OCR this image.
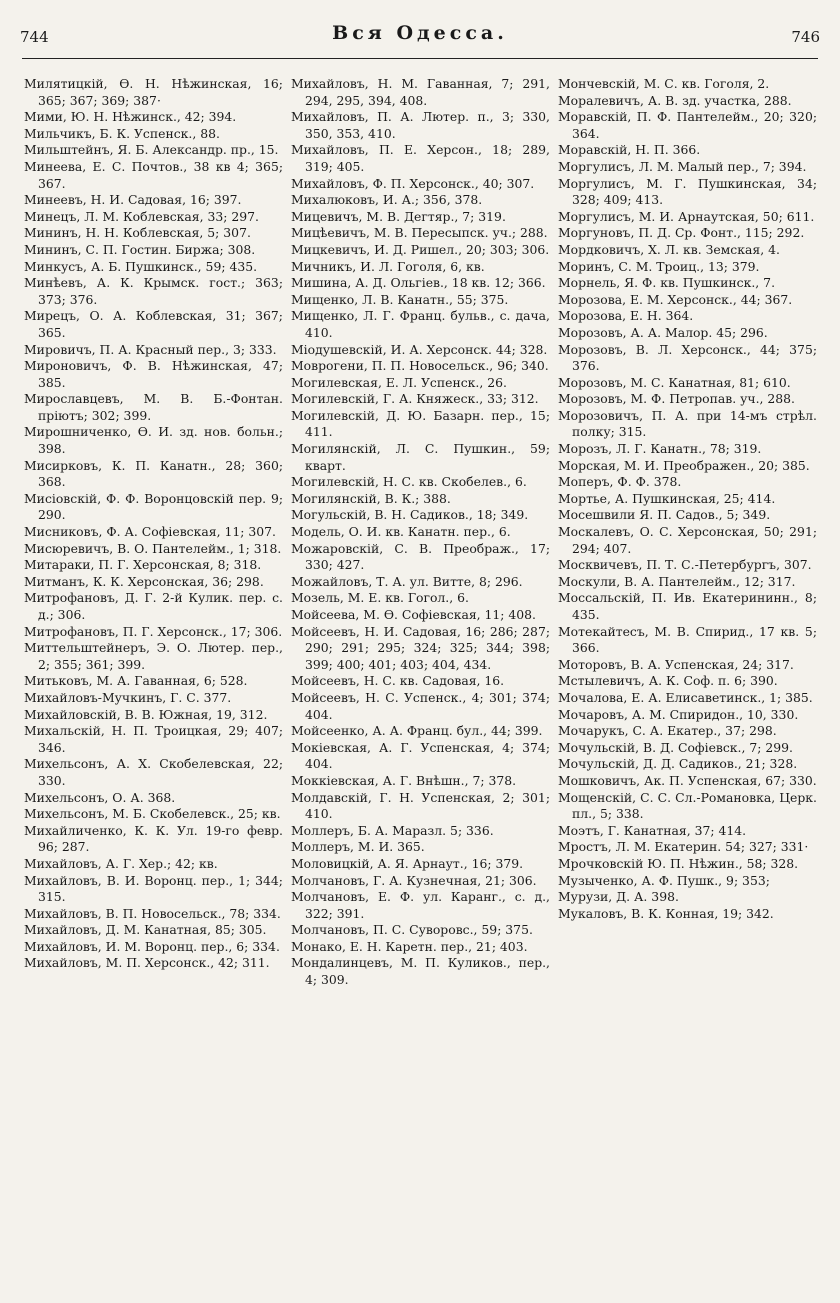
744	Вся Одесса.	746
Милятицкій, Ѳ. Н. Нѣжинская, 16; 365; 367; 369; 387·
Мими, Ю. Н. Нѣжинск., 42; 394.
Мильчикъ, Б. К. Успенск., 88.
Мильштейнъ, Я. Б. Александр. пр., 15.
Минеева, Е. С. Почтов., 38 кв 4; 365; 367.
Минеевъ, Н. И. Садовая, 16; 397.
Минецъ, Л. М. Коблевская, 33; 297.
Мининъ, Н. Н. Коблевская, 5; 307.
Мининъ, С. П. Гостин. Биржа; 308.
Минкусъ, А. Б. Пушкинск., 59; 435.
Минѣевъ, А. К. Крымск. гост.; 363; 373; 376.
Мирецъ, О. А. Коблевская, 31; 367; 365.
Мировичъ, П. А. Красный пер., 3; 333.
Мироновичъ, Ф. В. Нѣжинская, 47; 385.
Мирославцевъ, М. В. Б.-Фонтан. пріютъ; 302; 399.
Мирошниченко, Ѳ. И. зд. нов. больн.; 398.
Мисирковъ, К. П. Канатн., 28; 360; 368.
Мисіовскій, Ф. Ф. Воронцовскій пер. 9; 290.
Мисниковъ, Ф. А. Софіевская, 11; 307.
Мисюревичъ, В. О. Пантелейм., 1; 318.
Митараки, П. Г. Херсонская, 8; 318.
Митманъ, К. К. Херсонская, 36; 298.
Митрофановъ, Д. Г. 2-й Кулик. пер. с. д.; 306.
Митрофановъ, П. Г. Херсонск., 17; 306.
Миттельштейнеръ, Э. О. Лютер. пер., 2; 355; 361; 399.
Митьковъ, М. А. Гаванная, 6; 528.
Михайловъ-Мучкинъ, Г. С. 377.
Михайловскій, В. В. Южная, 19, 312.
Михальскій, Н. П. Троицкая, 29; 407; 346.
Михельсонъ, А. Х. Скобелевская, 22; 330.
Михельсонъ, О. А. 368.
Михельсонъ, М. Б. Скобелевск., 25; кв.
Михайличенко, К. К. Ул. 19-го февр. 96; 287.
Михайловъ, А. Г. Хер.; 42; кв.
Михайловъ, В. И. Воронц. пер., 1; 344; 315.
Михайловъ, В. П. Новосельск., 78; 334.
Михайловъ, Д. М. Канатная, 85; 305.
Михайловъ, И. М. Воронц. пер., 6; 334.
Михайловъ, М. П. Херсонск., 42; 311.
Михайловъ, Н. М. Гаванная, 7; 291, 294, 295, 394, 408.
Михайловъ, П. А. Лютер. п., 3; 330, 350, 353, 410.
Михайловъ, П. Е. Херсон., 18; 289, 319; 405.
Михайловъ, Ф. П. Херсонск., 40; 307.
Михалюковъ, И. А.; 356, 378.
Мицевичъ, М. В. Дегтяр., 7; 319.
Мицѣевичъ, М. В. Пересыпск. уч.; 288.
Мицкевичъ, И. Д. Ришел., 20; 303; 306.
Мичникъ, И. Л. Гоголя, 6, кв.
Мишина, А. Д. Ольгіев., 18 кв. 12; 366.
Мищенко, Л. В. Канатн., 55; 375.
Мищенко, Л. Г. Франц. бульв., с. дача, 410.
Міодушевскій, И. А. Херсонск. 44; 328.
Моврогени, П. П. Новосельск., 96; 340.
Могилевская, Е. Л. Успенск., 26.
Могилевскій, Г. А. Княжеск., 33; 312.
Могилевскій, Д. Ю. Базарн. пер., 15; 411.
Могилянскій, Л. С. Пушкин., 59; кварт.
Могилевскій, Н. С. кв. Скобелев., 6.
Могилянскій, В. К.; 388.
Могульскій, В. Н. Садиков., 18; 349.
Модель, О. И. кв. Канатн. пер., 6.
Можаровскій, С. В. Преображ., 17; 330; 427.
Можайловъ, Т. А. ул. Витте, 8; 296.
Мозель, М. Е. кв. Гогол., 6.
Мойсеева, М. Ѳ. Софіевская, 11; 408.
Мойсеевъ, Н. И. Садовая, 16; 286; 287; 290; 291; 295; 324; 325; 344; 398; 399; 400; 401; 403; 404, 434.
Мойсеевъ, Н. С. кв. Садовая, 16.
Мойсеевъ, Н. С. Успенск., 4; 301; 374; 404.
Мойсеенко, А. А. Франц. бул., 44; 399.
Мокіевская, А. Г. Успенская, 4; 374; 404.
Моккіевская, А. Г. Внѣшн., 7; 378.
Молдавскій, Г. Н. Успенская, 2; 301; 410.
Моллеръ, Б. А. Маразл. 5; 336.
Моллеръ, М. И. 365.
Моловицкій, А. Я. Арнаут., 16; 379.
Молчановъ, Г. А. Кузнечная, 21; 306.
Молчановъ, Е. Ф. ул. Каранг., с. д., 322; 391.
Молчановъ, П. С. Суворовс., 59; 375.
Монако, Е. Н. Каретн. пер., 21; 403.
Мондалинцевъ, М. П. Куликов., пер., 4; 309.
Мончевскій, М. С. кв. Гоголя, 2.
Моралевичъ, А. В. зд. участка, 288.
Моравскій, П. Ф. Пантелейм., 20; 320; 364.
Моравскій, Н. П. 366.
Моргулисъ, Л. М. Малый пер., 7; 394.
Моргулисъ, М. Г. Пушкинская, 34; 328; 409; 413.
Моргулисъ, М. И. Арнаутская, 50; 611.
Моргуновъ, П. Д. Ср. Фонт., 115; 292.
Мордковичъ, Х. Л. кв. Земская, 4.
Моринъ, С. М. Троиц., 13; 379.
Морнель, Я. Ф. кв. Пушкинск., 7.
Морозова, Е. М. Херсонск., 44; 367.
Морозова, Е. Н. 364.
Морозовъ, А. А. Малор. 45; 296.
Морозовъ, В. Л. Херсонск., 44; 375; 376.
Морозовъ, М. С. Канатная, 81; 610.
Морозовъ, М. Ф. Петропав. уч., 288.
Морозовичъ, П. А. при 14-мъ стрѣл. полку; 315.
Морозъ, Л. Г. Канатн., 78; 319.
Морская, М. И. Преображен., 20; 385.
Моперъ, Ф. Ф. 378.
Мортье, А. Пушкинская, 25; 414.
Мосешвили Я. П. Садов., 5; 349.
Москалевъ, О. С. Херсонская, 50; 291; 294; 407.
Москвичевъ, П. Т. С.-Петербургъ, 307.
Москули, В. А. Пантелейм., 12; 317.
Моссальскій, П. Ив. Екатерининн., 8; 435.
Мотекайтесъ, М. В. Спирид., 17 кв. 5; 366.
Моторовъ, В. А. Успенская, 24; 317.
Мстылевичъ, А. К. Соф. п. 6; 390.
Мочалова, Е. А. Елисаветинск., 1; 385.
Мочаровъ, А. М. Спиридон., 10, 330.
Мочарукъ, С. А. Екатер., 37; 298.
Мочульскій, В. Д. Софіевск., 7; 299.
Мочульскій, Д. Д. Садиков., 21; 328.
Мошковичъ, Ак. П. Успенская, 67; 330.
Мощенскій, С. С. Сл.-Романовка, Церк. пл., 5; 338.
Моэтъ, Г. Канатная, 37; 414.
Мростъ, Л. М. Екатерин. 54; 327; 331·
Мрочковскій Ю. П. Нѣжин., 58; 328.
Музыченко, А. Ф. Пушк., 9; 353;
Мурузи, Д. А. 398.
Мукаловъ, В. К. Конная, 19; 342.
